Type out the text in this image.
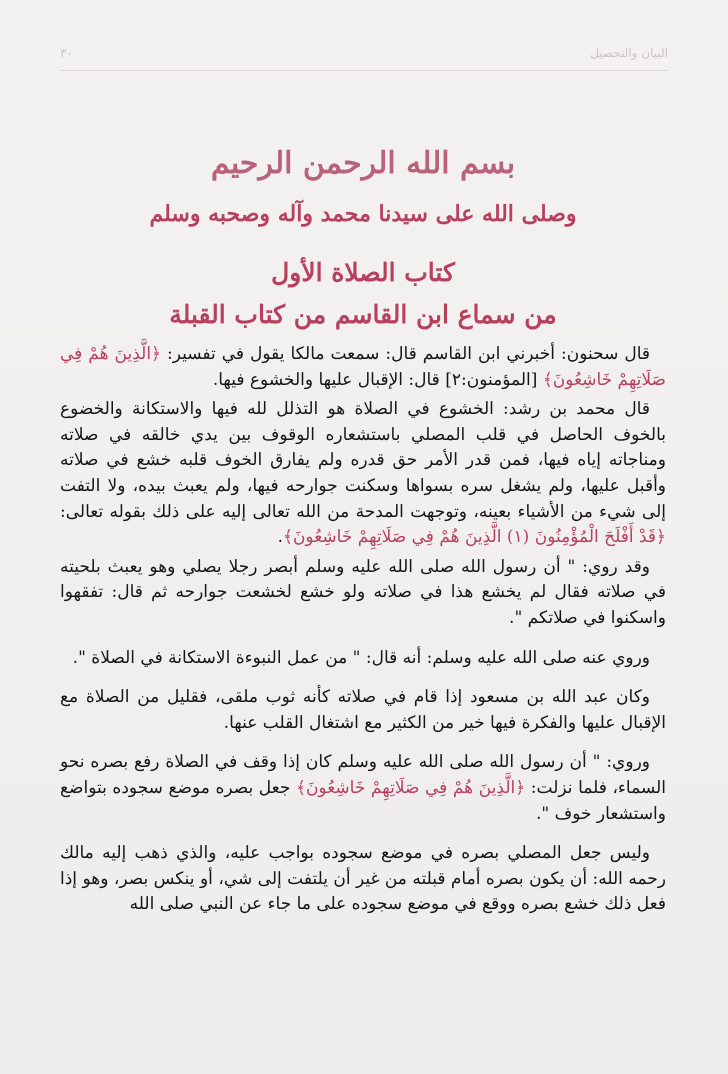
٣٠	البيان والتحصيل
بسم الله الرحمن الرحيم
وصلى الله على سيدنا محمد وآله وصحبه وسلم
كتاب الصلاة الأول
من سماع ابن القاسم من كتاب القبلة

قال سحنون: أخبرني ابن القاسم قال: سمعت مالكا يقول في تفسير: ﴿الَّذِينَ هُمْ فِي صَلَاتِهِمْ خَاشِعُونَ﴾ [المؤمنون:٢] قال: الإقبال عليها والخشوع فيها.

قال محمد بن رشد: الخشوع في الصلاة هو التذلل لله فيها والاستكانة والخضوع بالخوف الحاصل في قلب المصلي باستشعاره الوقوف بين يدي خالقه في صلاته ومناجاته إياه فيها، فمن قدر الأمر حق قدره ولم يفارق الخوف قلبه خشع في صلاته وأقبل عليها، ولم يشغل سره بسواها وسكنت جوارحه فيها، ولم يعبث بيده، ولا التفت إلى شيء من الأشياء بعينه، وتوجهت المدحة من الله تعالى إليه على ذلك بقوله تعالى: ﴿قَدْ أَفْلَحَ الْمُؤْمِنُونَ (١) الَّذِينَ هُمْ فِي صَلَاتِهِمْ خَاشِعُونَ﴾.

وقد روي: " أن رسول الله صلى الله عليه وسلم أبصر رجلا يصلي وهو يعبث بلحيته في صلاته فقال لم يخشع هذا في صلاته ولو خشع لخشعت جوارحه ثم قال: تفقهوا واسكنوا في صلاتكم ".

وروي عنه صلى الله عليه وسلم: أنه قال: " من عمل النبوءة الاستكانة في الصلاة ".

وكان عبد الله بن مسعود إذا قام في صلاته كأنه ثوب ملقى، فقليل من الصلاة مع الإقبال عليها والفكرة فيها خير من الكثير مع اشتغال القلب عنها.

وروي: " أن رسول الله صلى الله عليه وسلم كان إذا وقف في الصلاة رفع بصره نحو السماء، فلما نزلت: ﴿الَّذِينَ هُمْ فِي صَلَاتِهِمْ خَاشِعُونَ﴾ جعل بصره موضع سجوده بتواضع واستشعار خوف ".

وليس جعل المصلي بصره في موضع سجوده بواجب عليه، والذي ذهب إليه مالك رحمه الله: أن يكون بصره أمام قبلته من غير أن يلتفت إلى شي، أو ينكس بصر، وهو إذا فعل ذلك خشع بصره ووقع في موضع سجوده على ما جاء عن النبي صلى الله
